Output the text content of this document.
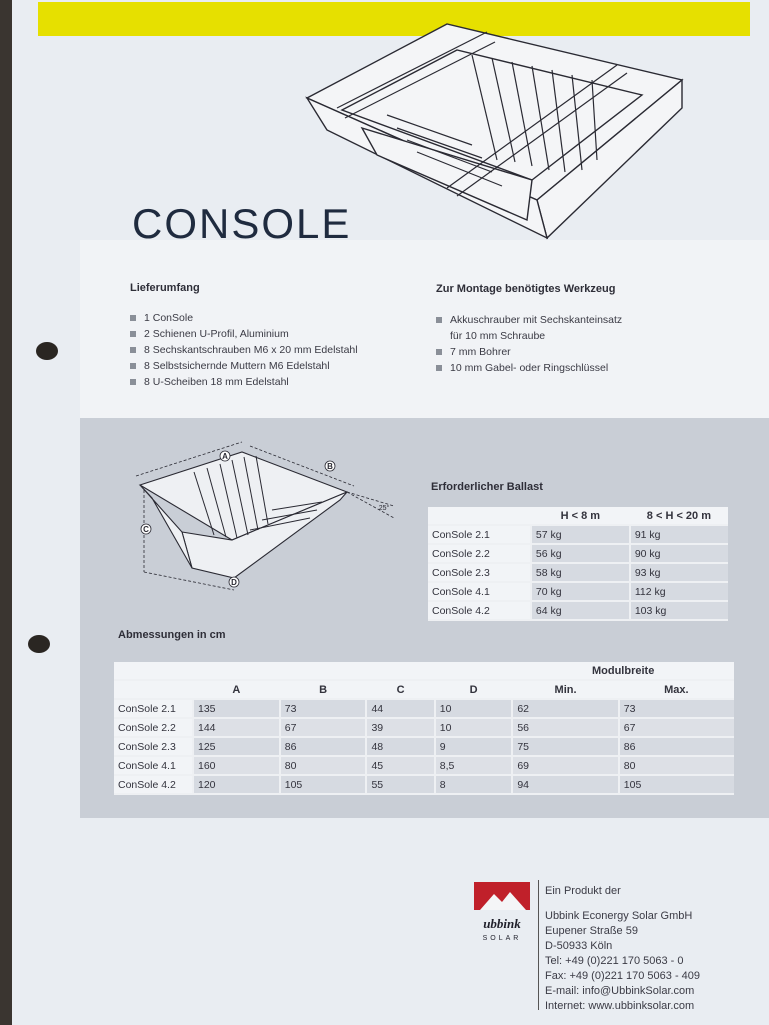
CONSOLE
Lieferumfang
1 ConSole
2 Schienen U-Profil, Aluminium
8 Sechskantschrauben M6 x 20 mm Edelstahl
8 Selbstsichernde Muttern M6 Edelstahl
8 U-Scheiben 18 mm Edelstahl
Zur Montage benötigtes Werkzeug
Akkuschrauber mit Sechskanteinsatz
für 10 mm Schraube
7 mm Bohrer
10 mm Gabel- oder Ringschlüssel
A
B
C
D
25°
Erforderlicher Ballast
	H < 8 m	8 < H < 20 m
ConSole 2.1	57 kg	91 kg
ConSole 2.2	56 kg	90 kg
ConSole 2.3	58 kg	93 kg
ConSole 4.1	70 kg	112 kg
ConSole 4.2	64 kg	103 kg
Abmessungen in cm
					Modulbreite	
	A	B	C	D	Min.	Max.
ConSole 2.1	135	73	44	10	62	73
ConSole 2.2	144	67	39	10	56	67
ConSole 2.3	125	86	48	9	75	86
ConSole 4.1	160	80	45	8,5	69	80
ConSole 4.2	120	105	55	8	94	105
ubbink
SOLAR
Ein Produkt der
Ubbink Econergy Solar GmbH
Eupener Straße 59
D-50933 Köln
Tel: +49 (0)221 170 5063 - 0
Fax: +49 (0)221 170 5063 - 409
E-mail: info@UbbinkSolar.com
Internet: www.ubbinksolar.com
